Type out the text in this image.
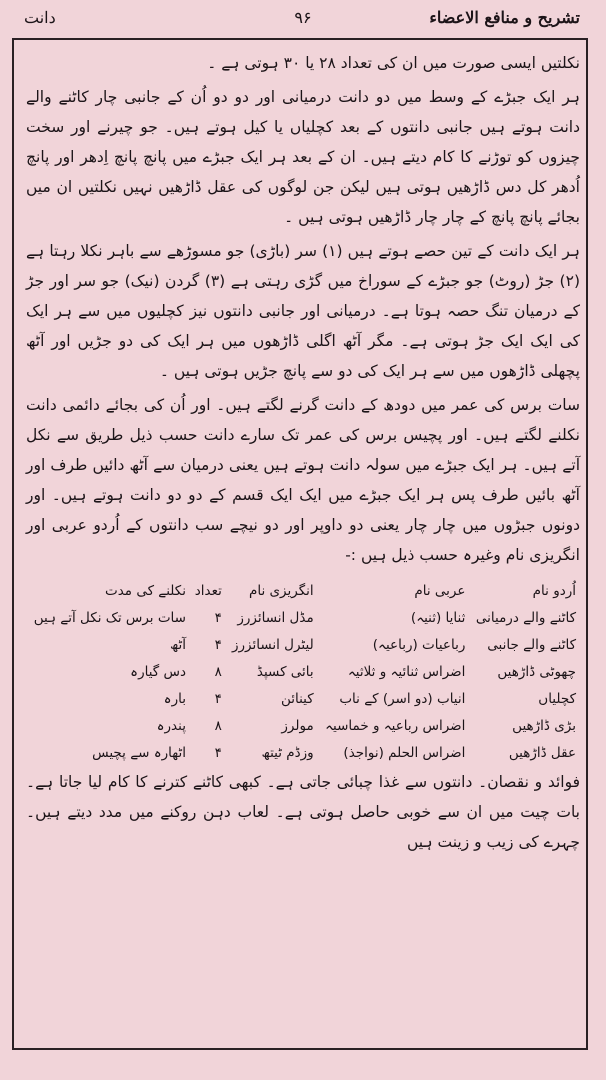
تشریح و منافع الاعضاء
۹۶
دانت

نکلتیں ایسی صورت میں ان کی تعداد ۲۸ یا ۳۰ ہوتی ہے ۔

ہر ایک جبڑے کے وسط میں دو دانت درمیانی اور دو دو اُن کے جانبی چار کاٹنے والے دانت ہوتے ہیں جانبی دانتوں کے بعد کچلیاں یا کیل ہوتے ہیں۔ جو چیرنے اور سخت چیزوں کو توڑنے کا کام دیتے ہیں۔ ان کے بعد ہر ایک جبڑے میں پانچ پانچ اِدھر اور پانچ اُدھر کل دس ڈاڑھیں ہوتی ہیں لیکن جن لوگوں کی عقل ڈاڑھیں نہیں نکلتیں ان میں بجائے پانچ پانچ کے چار چار ڈاڑھیں ہوتی ہیں ۔

ہر ایک دانت کے تین حصے ہوتے ہیں (۱) سر (باڑی) جو مسوڑھے سے باہر نکلا رہتا ہے (۲) جڑ (روٹ) جو جبڑے کے سوراخ میں گڑی رہتی ہے (۳) گردن (نیک) جو سر اور جڑ کے درمیان تنگ حصہ ہوتا ہے۔ درمیانی اور جانبی دانتوں نیز کچلیوں میں سے ہر ایک کی ایک ایک جڑ ہوتی ہے۔ مگر آٹھ اگلی ڈاڑھوں میں ہر ایک کی دو جڑیں اور آٹھ پچھلی ڈاڑھوں میں سے ہر ایک کی دو سے پانچ جڑیں ہوتی ہیں ۔

سات برس کی عمر میں دودھ کے دانت گرنے لگتے ہیں۔ اور اُن کی بجائے دائمی دانت نکلنے لگتے ہیں۔ اور پچیس برس کی عمر تک سارے دانت حسب ذیل طریق سے نکل آتے ہیں۔ ہر ایک جبڑے میں سولہ دانت ہوتے ہیں یعنی درمیان سے آٹھ دائیں طرف اور آٹھ بائیں طرف پس ہر ایک جبڑے میں ایک ایک قسم کے دو دو دانت ہوتے ہیں۔ اور دونوں جبڑوں میں چار چار یعنی دو داوپر اور دو نیچے سب دانتوں کے اُردو عربی اور انگریزی نام وغیرہ حسب ذیل ہیں :-

اُردو نام	عربی نام	انگریزی نام	تعداد	نکلنے کی مدت
کاٹنے والے درمیانی	ثنایا (ثنیہ)	مڈل انسائزرز	۴	سات برس تک نکل آتے ہیں
کاٹنے والے جانبی	رباعیات (رباعیہ)	لیٹرل انسائزرز	۴	آٹھ
چھوٹی ڈاڑھیں	اضراس ثنائیہ و ثلاثیہ	بائی کسپڈ	۸	دس گیارہ
کچلیاں	انیاب (دو اسر) کے ناب	کینائن	۴	بارہ
بڑی ڈاڑھیں	اضراس رباعیہ و خماسیہ	مولرز	۸	پندرہ
عقل ڈاڑھیں	اضراس الحلم (نواجذ)	وزڈم ٹیتھ	۴	اٹھارہ سے پچیس

فوائد و نقصان۔ دانتوں سے غذا چبائی جاتی ہے۔ کبھی کاٹنے کترنے کا کام لیا جاتا ہے۔ بات چیت میں ان سے خوبی حاصل ہوتی ہے۔ لعاب دہن روکنے میں مدد دیتے ہیں۔ چہرے کی زیب و زینت ہیں
